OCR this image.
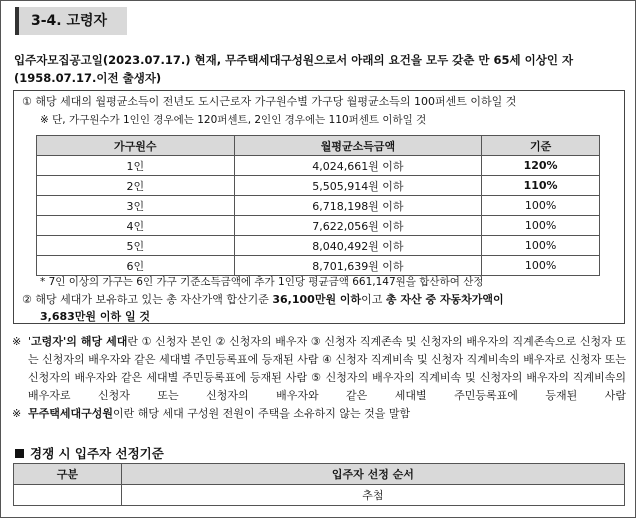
3-4. 고령자
입주자모집공고일(2023.07.17.) 현재, 무주택세대구성원으로서 아래의 요건을 모두 갖춘 만 65세 이상인 자
(1958.07.17.이전 출생자)
① 해당 세대의 월평균소득이 전년도 도시근로자 가구원수별 가구당 월평균소득의 100퍼센트 이하일 것
※ 단, 가구원수가 1인인 경우에는 120퍼센트, 2인인 경우에는 110퍼센트 이하일 것
가구원수	월평균소득금액	기준
1인	4,024,661원 이하	120%
2인	5,505,914원 이하	110%
3인	6,718,198원 이하	100%
4인	7,622,056원 이하	100%
5인	8,040,492원 이하	100%
6인	8,701,639원 이하	100%
* 7인 이상의 가구는 6인 가구 기준소득금액에 추가 1인당 평균금액 661,147원을 합산하여 산정
② 해당 세대가 보유하고 있는 총 자산가액 합산기준 36,100만원 이하이고 총 자산 중 자동차가액이
3,683만원 이하 일 것
※ '고령자'의 해당 세대란 ① 신청자 본인 ② 신청자의 배우자 ③ 신청자 직계존속 및 신청자의 배우자의 직계존속으로 신청자 또는 신청자의 배우자와 같은 세대별 주민등록표에 등재된 사람 ④ 신청자 직계비속 및 신청자 직계비속의 배우자로 신청자 또는 신청자의 배우자와 같은 세대별 주민등록표에 등재된 사람 ⑤ 신청자의 배우자의 직계비속 및 신청자의 배우자의 직계비속의 배우자로 신청자 또는 신청자의 배우자와 같은 세대별 주민등록표에 등재된 사람

※ 무주택세대구성원이란 해당 세대 구성원 전원이 주택을 소유하지 않는 것을 말함

경쟁 시 입주자 선정기준
구분	입주자 선정 순서
	추첨
